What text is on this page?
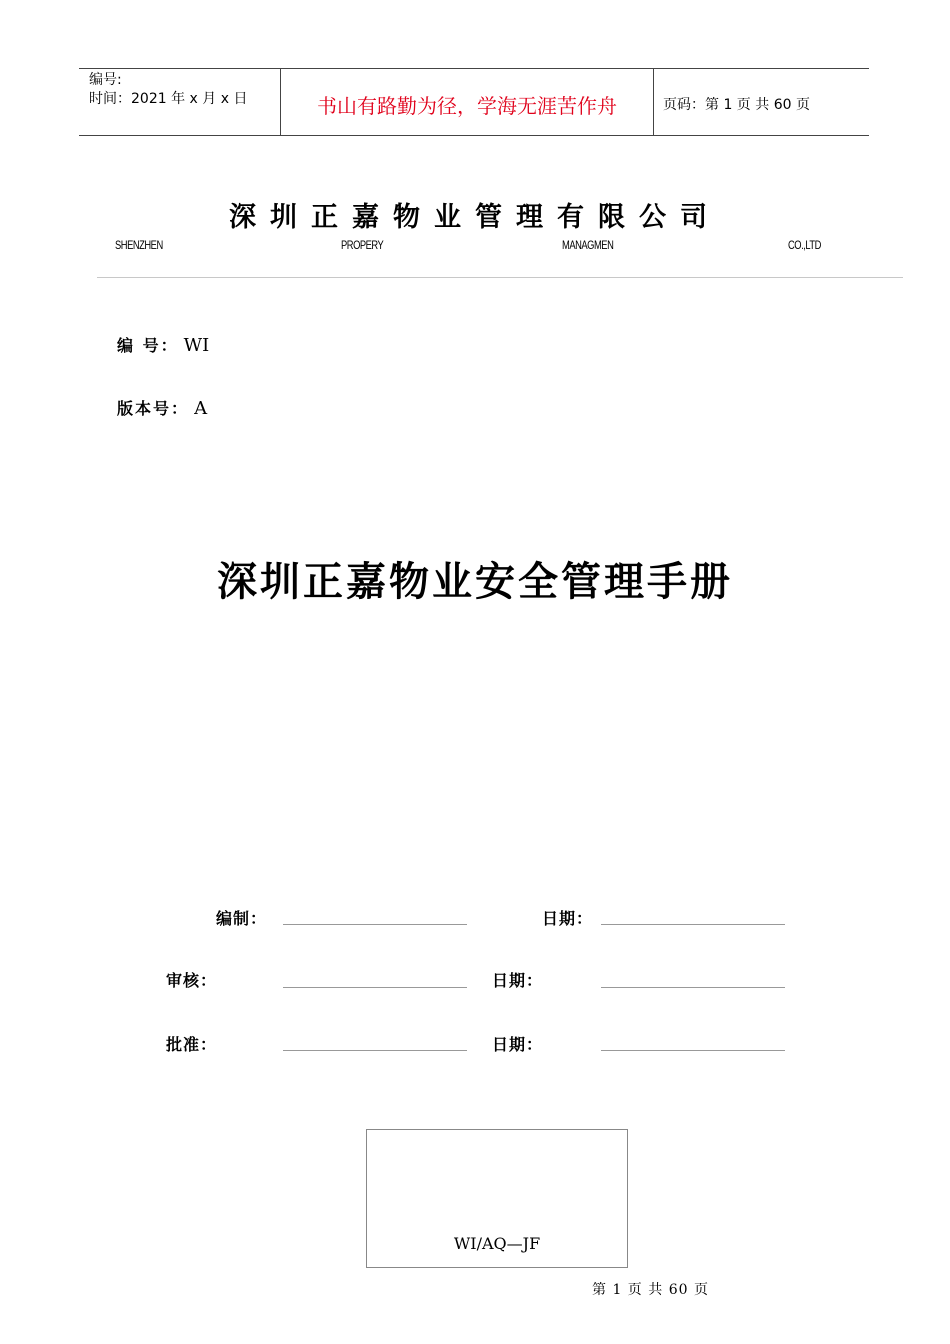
编号:
时间：2021 年 x 月 x 日	书山有路勤为径，学海无涯苦作舟	页码：第 1 页 共 60 页
深圳正嘉物业管理有限公司
SHENZHEN	PROPERY	MANAGMEN	CO.,LTD
编 号： WI
版本号： A
深圳正嘉物业安全管理手册
编制：	日期：
审核：	日期：
批准：	日期：
WI/AQ—JF
第 1 页 共 60 页
